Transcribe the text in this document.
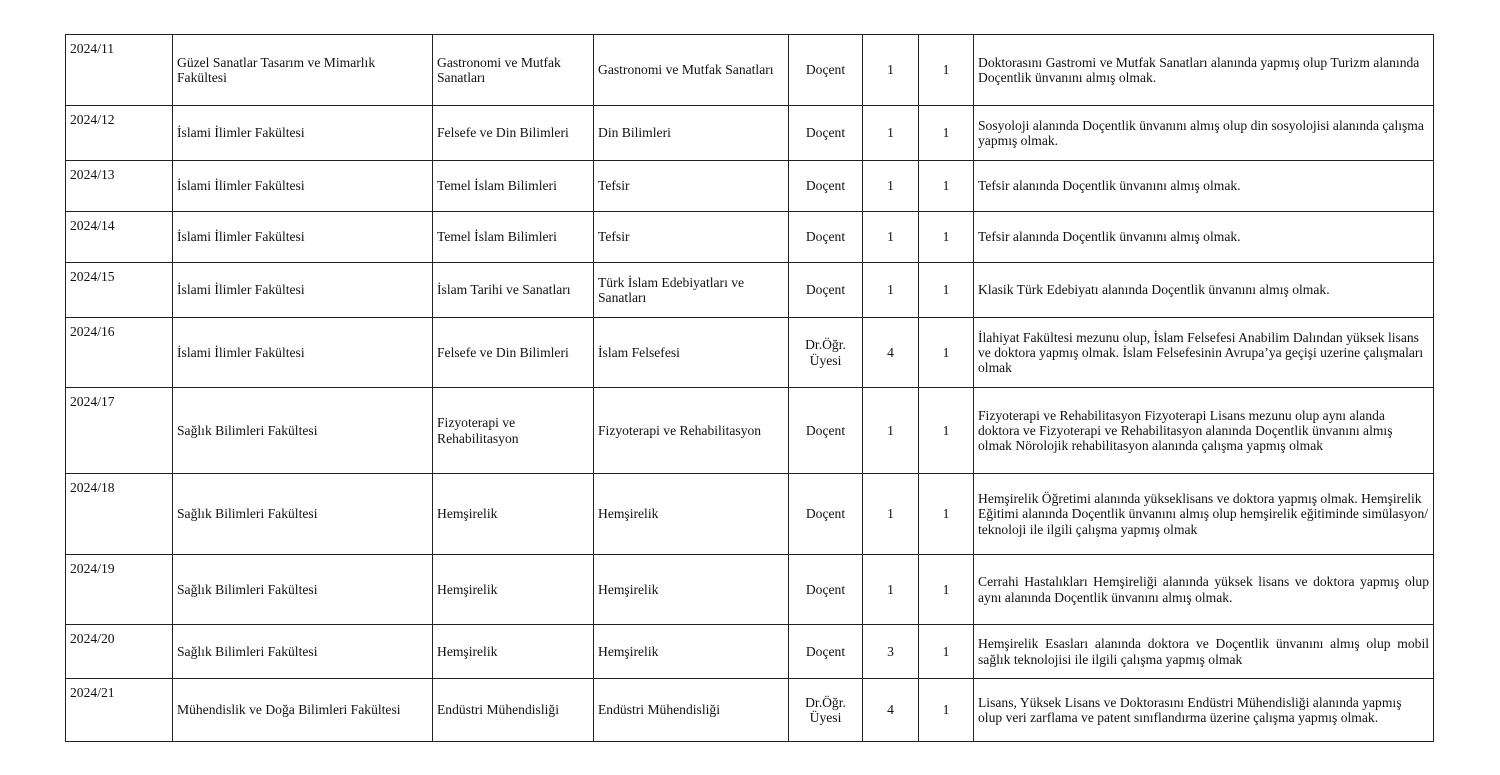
2024/11	Güzel Sanatlar Tasarım ve Mimarlık Fakültesi	Gastronomi ve Mutfak Sanatları	Gastronomi ve Mutfak Sanatları	Doçent	1	1	Doktorasını Gastromi ve Mutfak Sanatları alanında yapmış olup Turizm alanında Doçentlik ünvanını almış olmak.
2024/12	İslami İlimler Fakültesi	Felsefe ve Din Bilimleri	Din Bilimleri	Doçent	1	1	Sosyoloji alanında Doçentlik ünvanını almış olup din sosyolojisi alanında çalışma yapmış olmak.
2024/13	İslami İlimler Fakültesi	Temel İslam Bilimleri	Tefsir	Doçent	1	1	Tefsir alanında Doçentlik ünvanını almış olmak.
2024/14	İslami İlimler Fakültesi	Temel İslam Bilimleri	Tefsir	Doçent	1	1	Tefsir alanında Doçentlik ünvanını almış olmak.
2024/15	İslami İlimler Fakültesi	İslam Tarihi ve Sanatları	Türk İslam Edebiyatları ve Sanatları	Doçent	1	1	Klasik Türk Edebiyatı alanında Doçentlik ünvanını almış olmak.
2024/16	İslami İlimler Fakültesi	Felsefe ve Din Bilimleri	İslam Felsefesi	Dr.Öğr. Üyesi	4	1	İlahiyat Fakültesi mezunu olup, İslam Felsefesi Anabilim Dalından yüksek lisans ve doktora yapmış olmak. İslam Felsefesinin Avrupa’ya geçişi uzerine çalışmaları olmak
2024/17	Sağlık Bilimleri Fakültesi	Fizyoterapi ve Rehabilitasyon	Fizyoterapi ve Rehabilitasyon	Doçent	1	1	Fizyoterapi ve Rehabilitasyon Fizyoterapi Lisans mezunu olup aynı alanda doktora ve Fizyoterapi ve Rehabilitasyon alanında Doçentlik ünvanını almış olmak Nörolojik rehabilitasyon alanında çalışma yapmış olmak
2024/18	Sağlık Bilimleri Fakültesi	Hemşirelik	Hemşirelik	Doçent	1	1	Hemşirelik Öğretimi alanında yükseklisans ve doktora yapmış olmak. Hemşirelik Eğitimi alanında Doçentlik ünvanını almış olup hemşirelik eğitiminde simülasyon/ teknoloji ile ilgili çalışma yapmış olmak
2024/19	Sağlık Bilimleri Fakültesi	Hemşirelik	Hemşirelik	Doçent	1	1	Cerrahi Hastalıkları Hemşireliği alanında yüksek lisans ve doktora yapmış olup aynı alanında Doçentlik ünvanını almış olmak.
2024/20	Sağlık Bilimleri Fakültesi	Hemşirelik	Hemşirelik	Doçent	3	1	Hemşirelik Esasları alanında doktora ve Doçentlik ünvanını almış olup mobil sağlık teknolojisi ile ilgili çalışma yapmış olmak
2024/21	Mühendislik ve Doğa Bilimleri Fakültesi	Endüstri Mühendisliği	Endüstri Mühendisliği	Dr.Öğr. Üyesi	4	1	Lisans, Yüksek Lisans ve Doktorasını Endüstri Mühendisliği alanında yapmış olup veri zarflama ve patent sınıflandırma üzerine çalışma yapmış olmak.
